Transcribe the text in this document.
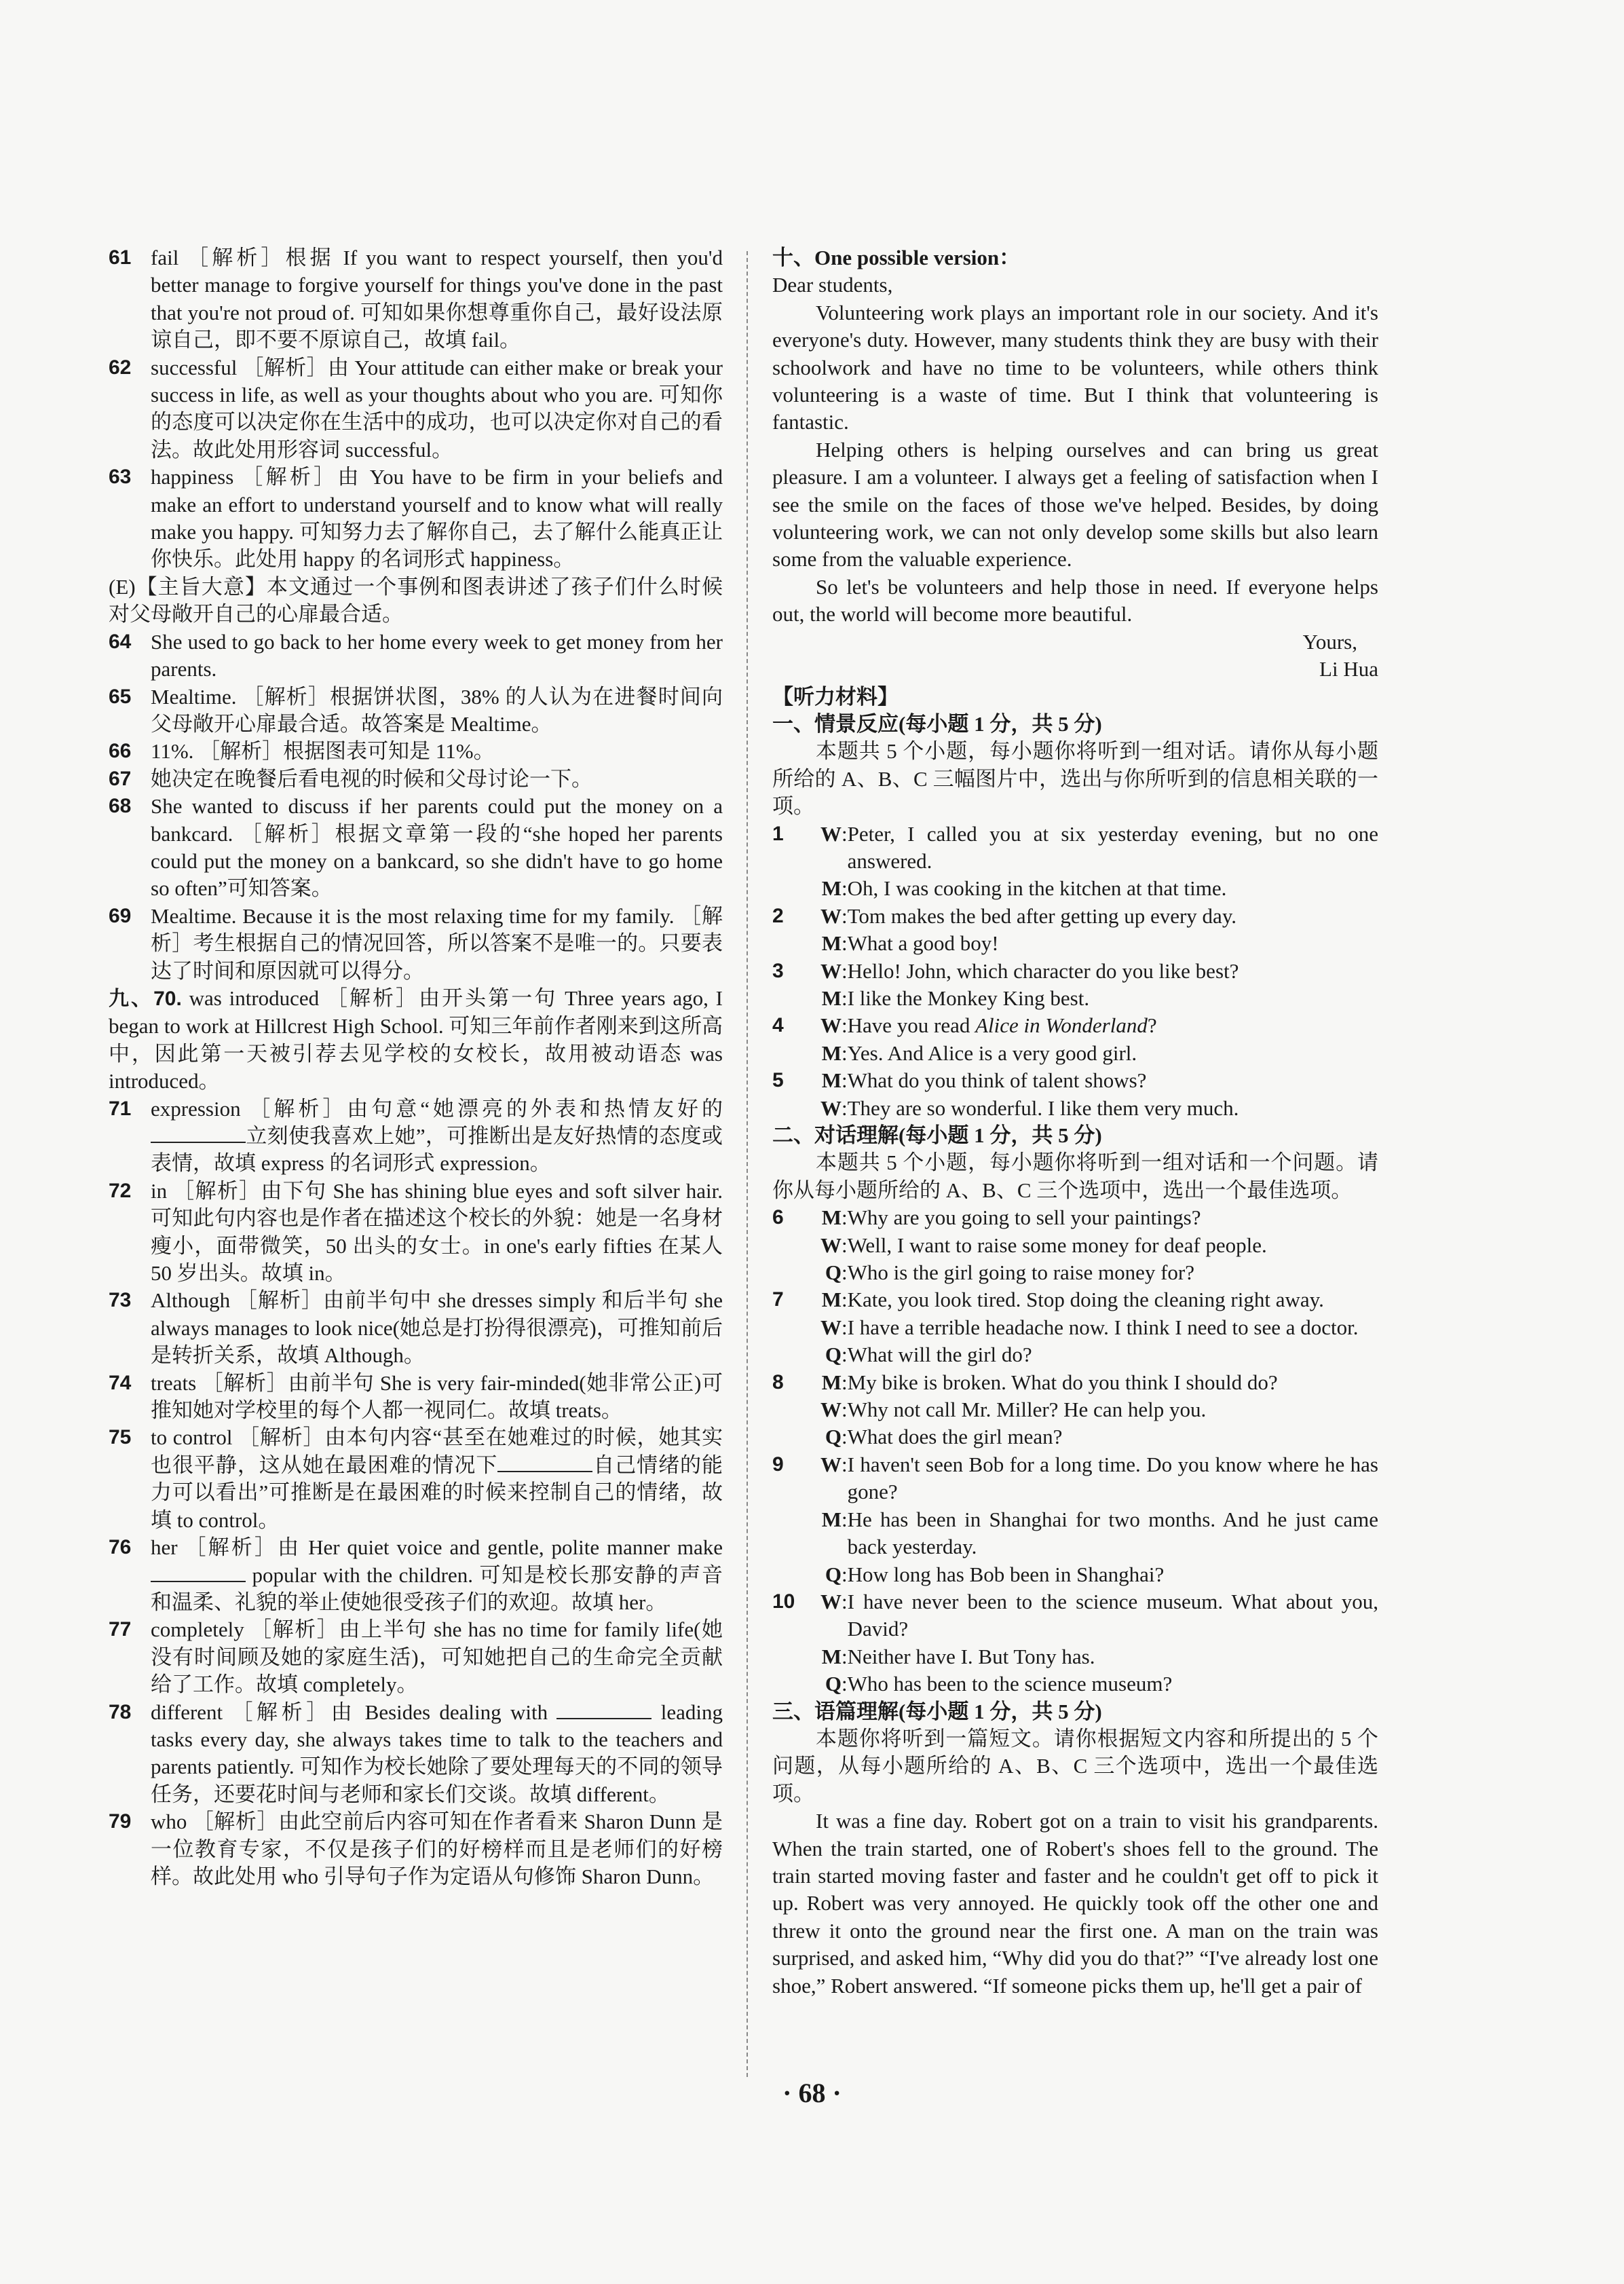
61 fail ［解析］根据 If you want to respect yourself, then you'd better manage to forgive yourself for things you've done in the past that you're not proud of. 可知如果你想尊重你自己，最好设法原谅自己，即不要不原谅自己，故填 fail。
62 successful ［解析］由 Your attitude can either make or break your success in life, as well as your thoughts about who you are. 可知你的态度可以决定你在生活中的成功，也可以决定你对自己的看法。故此处用形容词 successful。
63 happiness ［解析］由 You have to be firm in your beliefs and make an effort to understand yourself and to know what will really make you happy. 可知努力去了解你自己，去了解什么能真正让你快乐。此处用 happy 的名词形式 happiness。
(E)【主旨大意】本文通过一个事例和图表讲述了孩子们什么时候对父母敞开自己的心扉最合适。
64 She used to go back to her home every week to get money from her parents.
65 Mealtime. ［解析］根据饼状图，38% 的人认为在进餐时间向父母敞开心扉最合适。故答案是 Mealtime。
66 11%. ［解析］根据图表可知是 11%。
67 她决定在晚餐后看电视的时候和父母讨论一下。
68 She wanted to discuss if her parents could put the money on a bankcard. ［解析］根据文章第一段的“she hoped her parents could put the money on a bankcard, so she didn't have to go home so often”可知答案。
69 Mealtime. Because it is the most relaxing time for my family. ［解析］考生根据自己的情况回答，所以答案不是唯一的。只要表达了时间和原因就可以得分。
九、70. was introduced ［解析］由开头第一句 Three years ago, I began to work at Hillcrest High School. 可知三年前作者刚来到这所高中，因此第一天被引荐去见学校的女校长，故用被动语态 was introduced。
71 expression ［解析］由句意“她漂亮的外表和热情友好的立刻使我喜欢上她”，可推断出是友好热情的态度或表情，故填 express 的名词形式 expression。
72 in ［解析］由下句 She has shining blue eyes and soft silver hair. 可知此句内容也是作者在描述这个校长的外貌：她是一名身材瘦小，面带微笑，50 出头的女士。in one's early fifties 在某人 50 岁出头。故填 in。
73 Although ［解析］由前半句中 she dresses simply 和后半句 she always manages to look nice(她总是打扮得很漂亮)，可推知前后是转折关系，故填 Although。
74 treats ［解析］由前半句 She is very fair-minded(她非常公正)可推知她对学校里的每个人都一视同仁。故填 treats。
75 to control ［解析］由本句内容“甚至在她难过的时候，她其实也很平静，这从她在最困难的情况下	自己情绪的能力可以看出”可推断是在最困难的时候来控制自己的情绪，故填 to control。
76 her ［解析］由 Her quiet voice and gentle, polite manner make  popular with the children. 可知是校长那安静的声音和温柔、礼貌的举止使她很受孩子们的欢迎。故填 her。
77 completely ［解析］由上半句 she has no time for family life(她没有时间顾及她的家庭生活)，可知她把自己的生命完全贡献给了工作。故填 completely。
78 different ［解析］由 Besides dealing with	leading tasks every day, she always takes time to talk to the teachers and parents patiently. 可知作为校长她除了要处理每天的不同的领导任务，还要花时间与老师和家长们交谈。故填 different。
79 who ［解析］由此空前后内容可知在作者看来 Sharon Dunn 是一位教育专家，不仅是孩子们的好榜样而且是老师们的好榜样。故此处用 who 引导句子作为定语从句修饰 Sharon Dunn。

十、One possible version：

Dear students,

Volunteering work plays an important role in our society. And it's everyone's duty. However, many students think they are busy with their schoolwork and have no time to be volunteers, while others think volunteering is a waste of time. But I think that volunteering is fantastic.

Helping others is helping ourselves and can bring us great pleasure. I am a volunteer. I always get a feeling of satisfaction when I see the smile on the faces of those we've helped. Besides, by doing volunteering work, we can not only develop some skills but also learn some from the valuable experience.

So let's be volunteers and help those in need. If everyone helps out, the world will become more beautiful.

Yours,

Li Hua

【听力材料】

一、情景反应(每小题 1 分，共 5 分)

本题共 5 个小题，每小题你将听到一组对话。请你从每小题所给的 A、B、C 三幅图片中，选出与你所听到的信息相关联的一项。

1 W : Peter, I called you at six yesterday evening, but no one answered.
M : Oh, I was cooking in the kitchen at that time.
2 W : Tom makes the bed after getting up every day.
M : What a good boy!
3 W : Hello! John, which character do you like best?
M : I like the Monkey King best.
4 W : Have you read Alice in Wonderland?
M : Yes. And Alice is a very good girl.
5	M : What do you think of talent shows?
W : They are so wonderful. I like them very much.

二、对话理解(每小题 1 分，共 5 分)

本题共 5 个小题，每小题你将听到一组对话和一个问题。请你从每小题所给的 A、B、C 三个选项中，选出一个最佳选项。

6	M : Why are you going to sell your paintings?
W : Well, I want to raise some money for deaf people.
Q : Who is the girl going to raise money for?
7	M : Kate, you look tired. Stop doing the cleaning right away.
W : I have a terrible headache now. I think I need to see a doctor.
Q : What will the girl do?
8	M : My bike is broken. What do you think I should do?
W : Why not call Mr. Miller? He can help you.
Q : What does the girl mean?
9 W : I haven't seen Bob for a long time. Do you know where he has gone?
M : He has been in Shanghai for two months. And he just came back yesterday.
Q : How long has Bob been in Shanghai?
10 W : I have never been to the science museum. What about you, David?
M : Neither have I. But Tony has.
Q : Who has been to the science museum?

三、语篇理解(每小题 1 分，共 5 分)

本题你将听到一篇短文。请你根据短文内容和所提出的 5 个问题，从每小题所给的 A、B、C 三个选项中，选出一个最佳选项。

It was a fine day. Robert got on a train to visit his grandparents. When the train started, one of Robert's shoes fell to the ground. The train started moving faster and faster and he couldn't get off to pick it up. Robert was very annoyed. He quickly took off the other one and threw it onto the ground near the first one. A man on the train was surprised, and asked him, “Why did you do that?” “I've already lost one shoe,” Robert answered. “If someone picks them up, he'll get a pair of

· 68 ·
